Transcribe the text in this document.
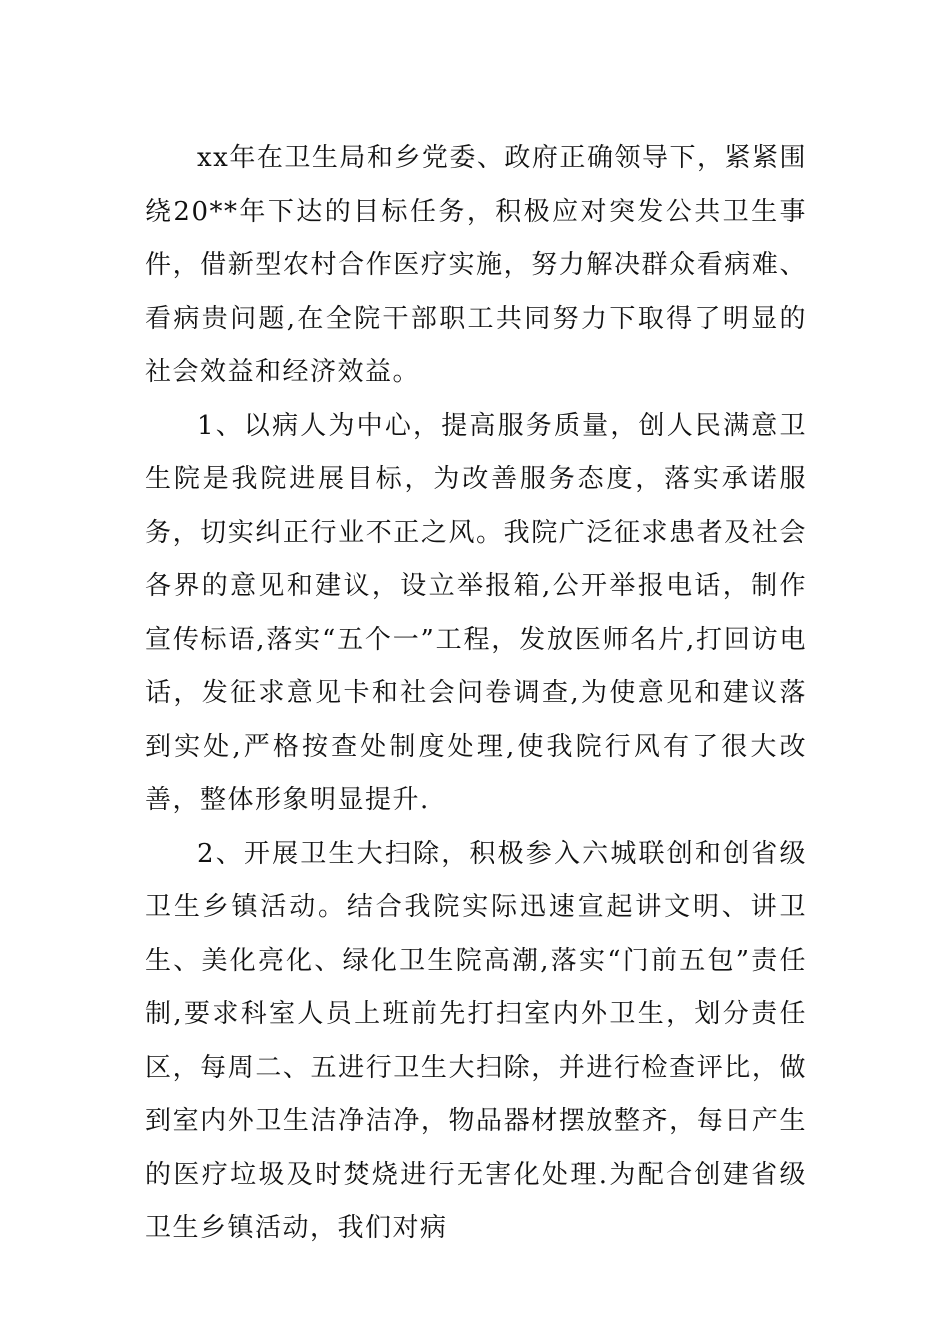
xx年在卫生局和乡党委、政府正确领导下，紧紧围绕20**年下达的目标任务，积极应对突发公共卫生事件，借新型农村合作医疗实施，努力解决群众看病难、看病贵问题,在全院干部职工共同努力下取得了明显的社会效益和经济效益。

1、以病人为中心，提高服务质量，创人民满意卫生院是我院进展目标，为改善服务态度，落实承诺服务，切实纠正行业不正之风。我院广泛征求患者及社会各界的意见和建议，设立举报箱,公开举报电话，制作宣传标语,落实“五个一”工程，发放医师名片,打回访电话，发征求意见卡和社会问卷调查,为使意见和建议落到实处,严格按查处制度处理,使我院行风有了很大改善，整体形象明显提升.

2、开展卫生大扫除，积极参入六城联创和创省级卫生乡镇活动。结合我院实际迅速宣起讲文明、讲卫生、美化亮化、绿化卫生院高潮,落实“门前五包”责任制,要求科室人员上班前先打扫室内外卫生，划分责任区，每周二、五进行卫生大扫除，并进行检查评比，做到室内外卫生洁净洁净，物品器材摆放整齐，每日产生的医疗垃圾及时焚烧进行无害化处理.为配合创建省级卫生乡镇活动，我们对病
